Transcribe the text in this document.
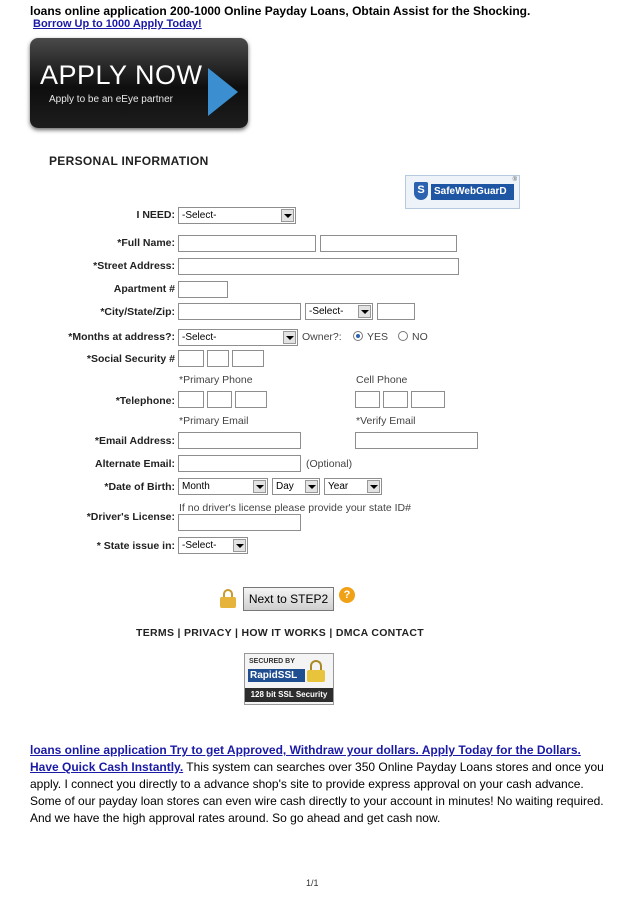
loans online application 200-1000 Online Payday Loans, Obtain Assist for the Shocking.
Borrow Up to 1000 Apply Today!
APPLY NOW
Apply to be an eEye partner
PERSONAL INFORMATION
S SafeWebGuarD
®
I NEED: -Select-
*Full Name:
*Street Address:
Apartment #
*City/State/Zip:	-Select-
*Months at address?: -Select-	Owner?: YES NO
*Social Security #
*Primary Phone	Cell Phone
*Telephone:
*Primary Email	*Verify Email
*Email Address:
Alternate Email:	(Optional)
*Date of Birth: Month	Day	Year
If no driver's license please provide your state ID#
*Driver's License:
* State issue in: -Select-
Next to STEP2	?
TERMS | PRIVACY | HOW IT WORKS | DMCA CONTACT
SECURED BY
RapidSSL
128 bit SSL Security
loans online application Try to get Approved, Withdraw your dollars. Apply Today for the Dollars.
Have Quick Cash Instantly. This system can searches over 350 Online Payday Loans stores and once you apply. I connect you directly to a advance shop's site to provide express approval on your cash advance. Some of our payday loan stores can even wire cash directly to your account in minutes! No waiting required. And we have the high approval rates around. So go ahead and get cash now.
1/1
